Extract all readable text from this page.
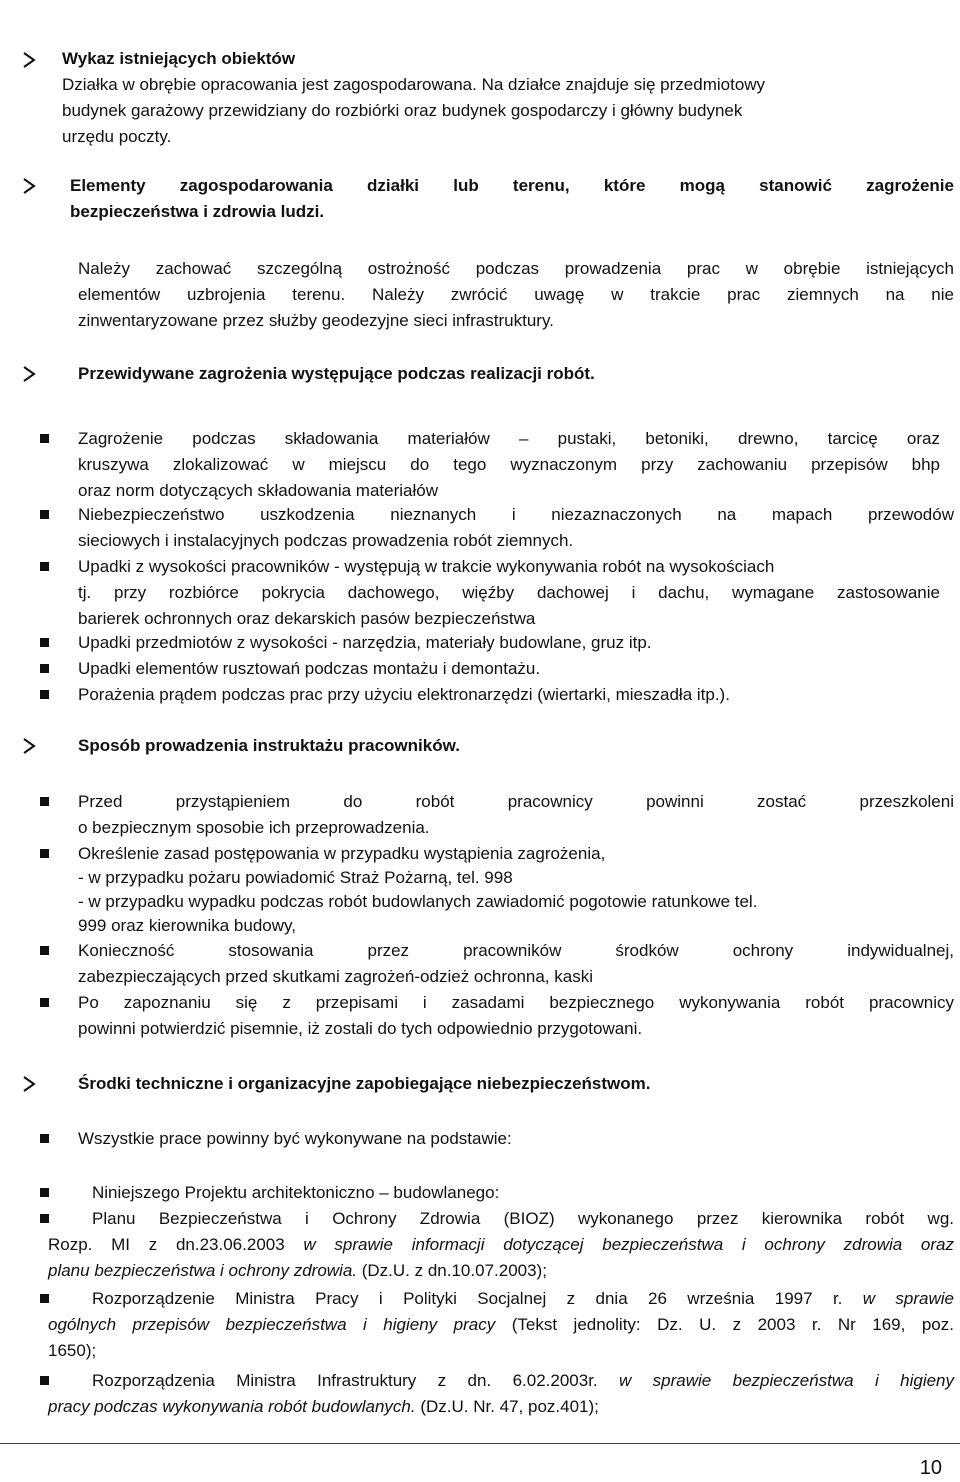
Wykaz istniejących obiektów
Działka w obrębie opracowania jest zagospodarowana. Na działce znajduje się przedmiotowy
budynek garażowy przewidziany do rozbiórki oraz budynek gospodarczy i główny budynek
urzędu poczty.
Elementy zagospodarowania działki lub terenu, które mogą stanowić zagrożenie
bezpieczeństwa i zdrowia ludzi.
Należy zachować szczególną ostrożność podczas prowadzenia prac w obrębie istniejących
elementów uzbrojenia terenu. Należy zwrócić uwagę w trakcie prac ziemnych na nie
zinwentaryzowane przez służby geodezyjne sieci infrastruktury.
Przewidywane zagrożenia występujące podczas realizacji robót.
Zagrożenie podczas składowania materiałów – pustaki, betoniki, drewno, tarcicę oraz
kruszywa zlokalizować w miejscu do tego wyznaczonym przy zachowaniu przepisów bhp
oraz norm dotyczących składowania materiałów
Niebezpieczeństwo uszkodzenia nieznanych i niezaznaczonych na mapach przewodów
sieciowych i instalacyjnych podczas prowadzenia robót ziemnych.
Upadki z wysokości pracowników - występują w trakcie wykonywania robót na wysokościach
tj. przy rozbiórce pokrycia dachowego, więźby dachowej i dachu, wymagane zastosowanie
barierek ochronnych oraz dekarskich pasów bezpieczeństwa
Upadki przedmiotów z wysokości - narzędzia, materiały budowlane, gruz itp.
Upadki elementów rusztowań podczas montażu i demontażu.
Porażenia prądem podczas prac przy użyciu elektronarzędzi (wiertarki, mieszadła itp.).
Sposób prowadzenia instruktażu pracowników.
Przed przystąpieniem do robót pracownicy powinni zostać przeszkoleni
o bezpiecznym sposobie ich przeprowadzenia.
Określenie zasad postępowania w przypadku wystąpienia zagrożenia,
- w przypadku pożaru powiadomić Straż Pożarną, tel. 998
- w przypadku wypadku podczas robót budowlanych zawiadomić pogotowie ratunkowe tel.
999 oraz kierownika budowy,
Konieczność stosowania przez pracowników środków ochrony indywidualnej,
zabezpieczających przed skutkami zagrożeń-odzież ochronna, kaski
Po zapoznaniu się z przepisami i zasadami bezpiecznego wykonywania robót pracownicy
powinni potwierdzić pisemnie, iż zostali do tych odpowiednio przygotowani.
Środki techniczne i organizacyjne zapobiegające niebezpieczeństwom.
Wszystkie prace powinny być wykonywane na podstawie:
Niniejszego Projektu architektoniczno – budowlanego:
Planu Bezpieczeństwa i Ochrony Zdrowia (BIOZ) wykonanego przez kierownika robót wg.
Rozp. MI z dn.23.06.2003 w sprawie informacji dotyczącej bezpieczeństwa i ochrony zdrowia oraz
planu bezpieczeństwa i ochrony zdrowia. (Dz.U. z dn.10.07.2003);
Rozporządzenie Ministra Pracy i Polityki Socjalnej z dnia 26 września 1997 r. w sprawie
ogólnych przepisów bezpieczeństwa i higieny pracy (Tekst jednolity: Dz. U. z 2003 r. Nr 169, poz.
1650);
Rozporządzenia Ministra Infrastruktury z dn. 6.02.2003r. w sprawie bezpieczeństwa i higieny
pracy podczas wykonywania robót budowlanych. (Dz.U. Nr. 47, poz.401);
10
